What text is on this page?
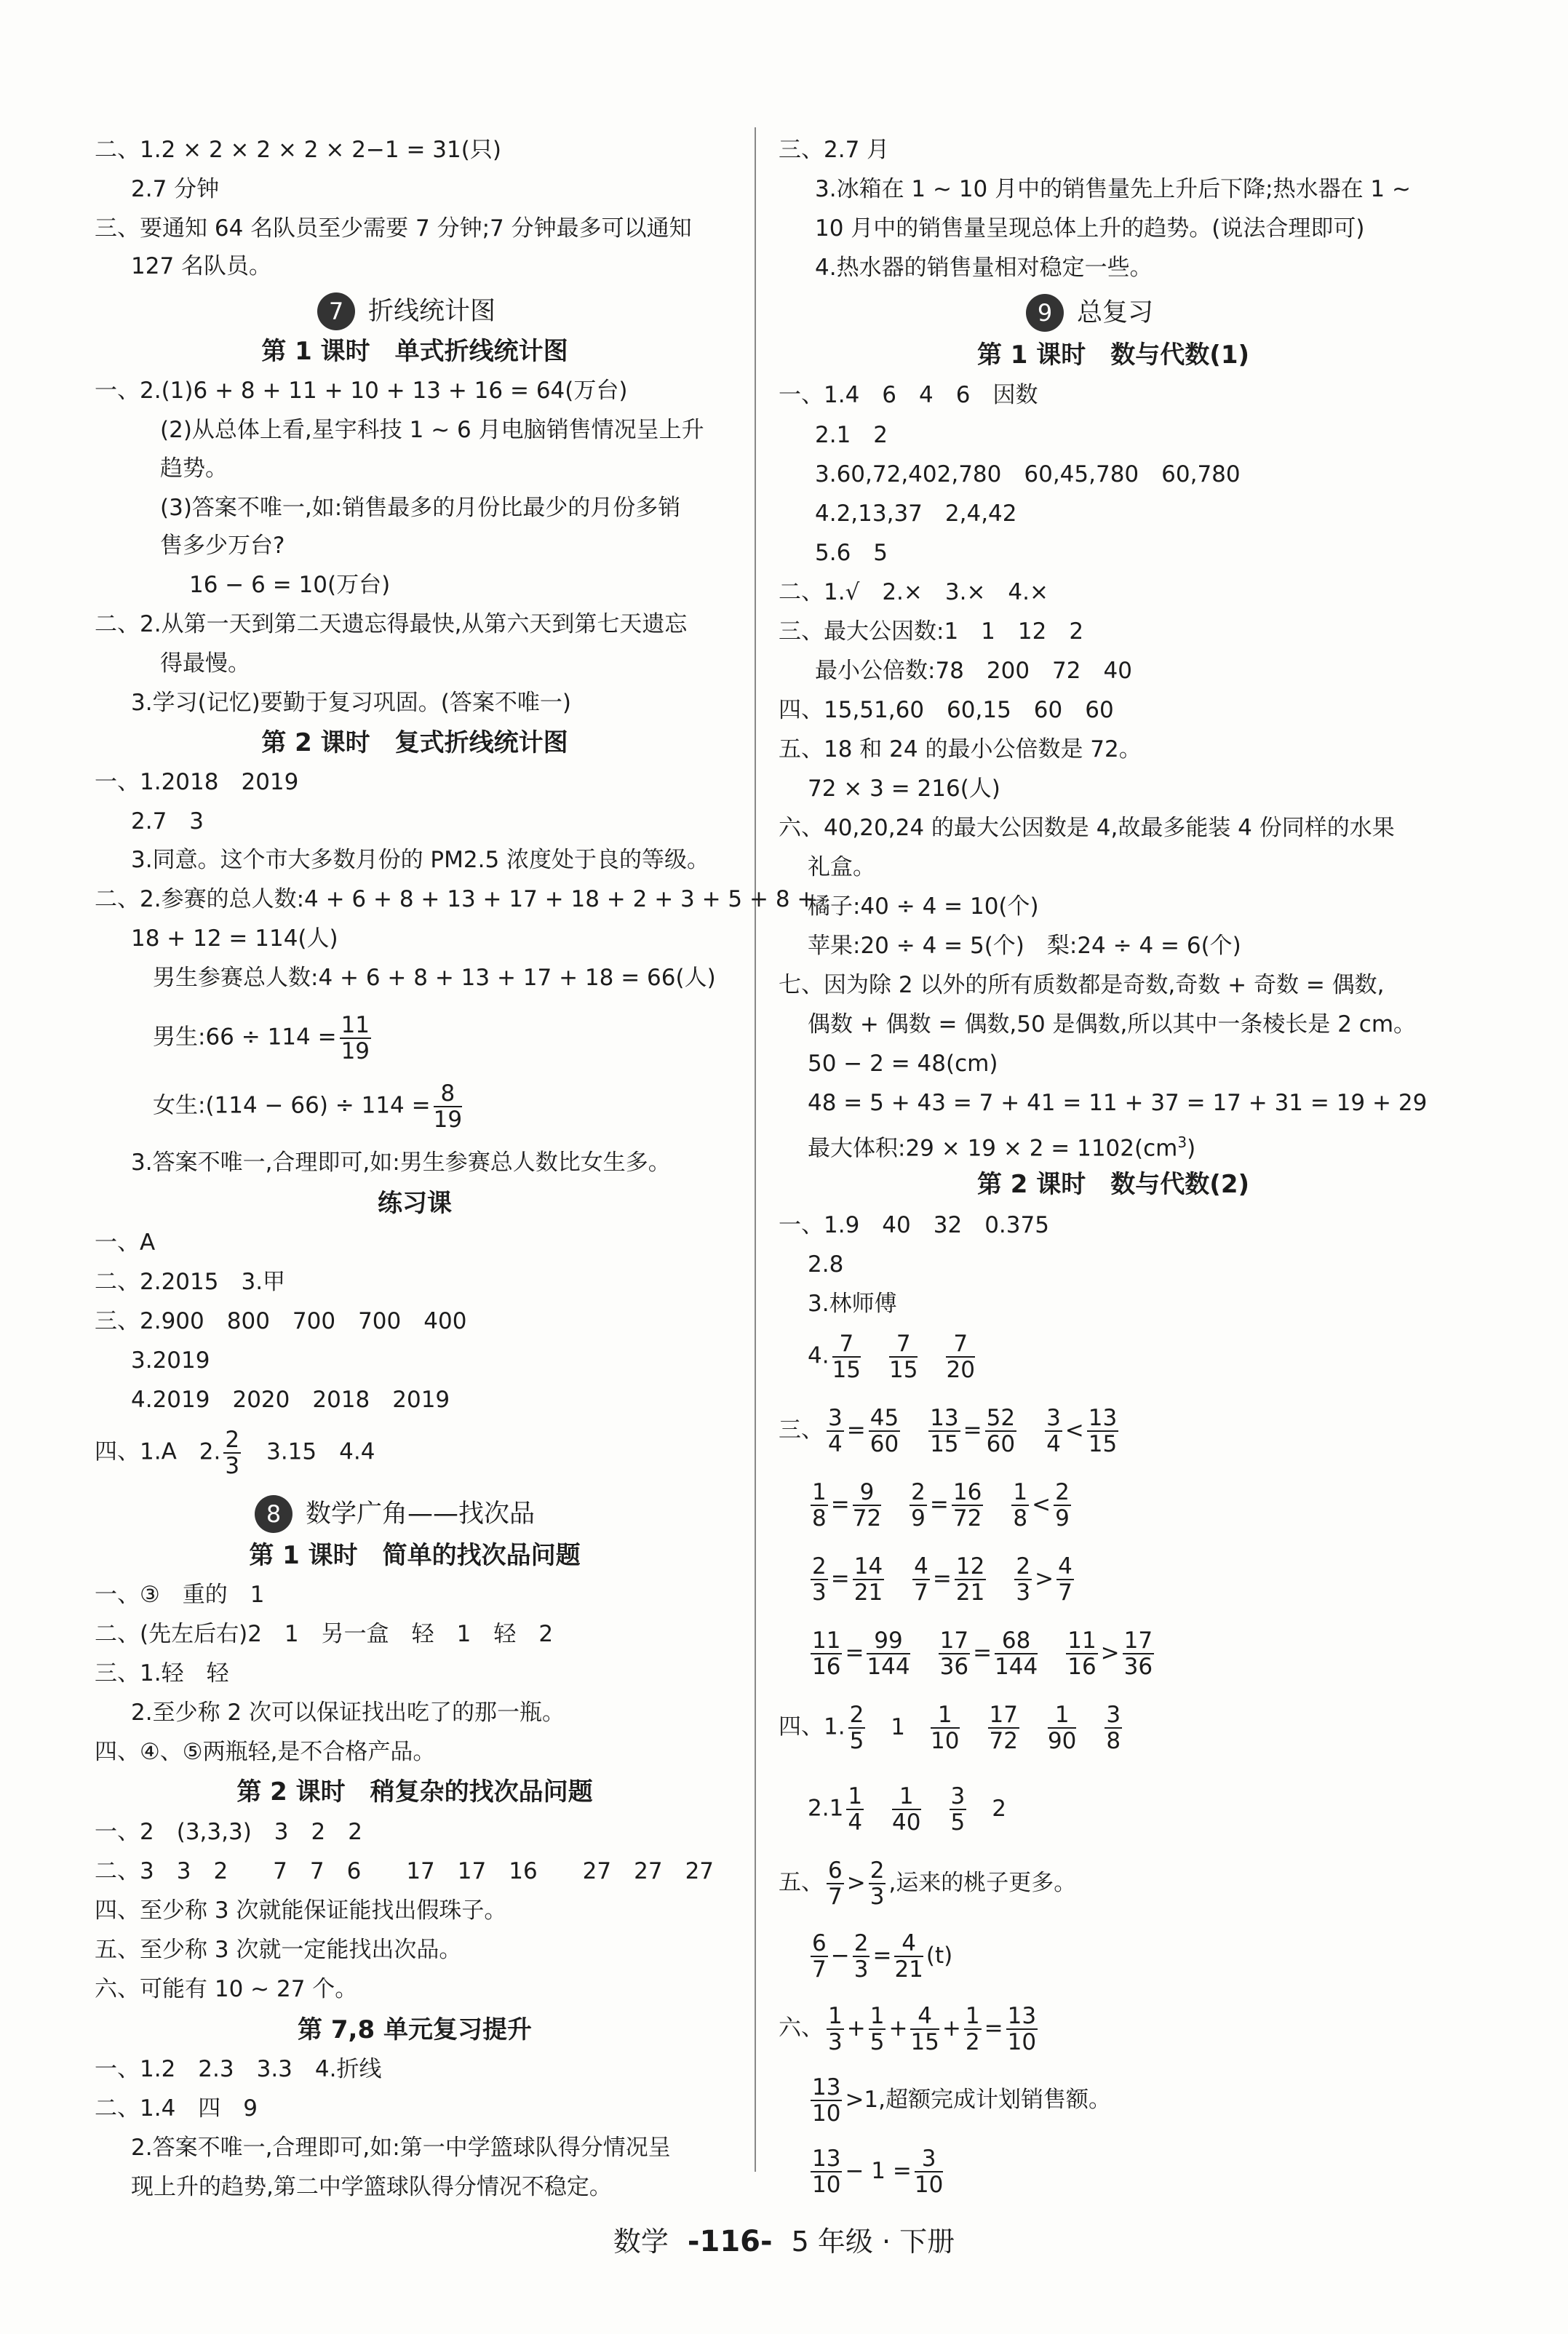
二、1.2 × 2 × 2 × 2 × 2−1 = 31(只)
2.7 分钟
三、要通知 64 名队员至少需要 7 分钟;7 分钟最多可以通知
127 名队员。
7 折线统计图
第 1 课时　单式折线统计图
一、2.(1)6 + 8 + 11 + 10 + 13 + 16 = 64(万台)
(2)从总体上看,星宇科技 1 ~ 6 月电脑销售情况呈上升
趋势。
(3)答案不唯一,如:销售最多的月份比最少的月份多销
售多少万台?
16 − 6 = 10(万台)
二、2.从第一天到第二天遗忘得最快,从第六天到第七天遗忘
得最慢。
3.学习(记忆)要勤于复习巩固。(答案不唯一)
第 2 课时　复式折线统计图
一、1.2018　2019
2.7　3
3.同意。这个市大多数月份的 PM2.5 浓度处于良的等级。
二、2.参赛的总人数:4 + 6 + 8 + 13 + 17 + 18 + 2 + 3 + 5 + 8 +
18 + 12 = 114(人)
男生参赛总人数:4 + 6 + 8 + 13 + 17 + 18 = 66(人)
男生:66 ÷ $114 = \frac{11}{19}$
女生:(114 − $66) \div 114 = \frac{8}{19}$
3.答案不唯一,合理即可,如:男生参赛总人数比女生多。
练习课
一、A
二、2.2015　3.甲
三、2.900　800　700　700　400
3.2019
4.2019　2020　2018　2019
四、1.A　2. $\frac{2}{3}$ 　3.15　4.4
8 数学广角——找次品
第 1 课时　简单的找次品问题
一、③　重的　1
二、(先左后右)2　1　另一盒　轻　1　轻　2
三、1.轻　轻
2.至少称 2 次可以保证找出吃了的那一瓶。
四、④、⑤两瓶轻,是不合格产品。
第 2 课时　稍复杂的找次品问题
一、2　(3,3,3)　3　2　2
二、3　3　2　　7　7　6　　17　17　16　　27　27　27
四、至少称 3 次就能保证能找出假珠子。
五、至少称 3 次就一定能找出次品。
六、可能有 10 ~ 27 个。
第 7,8 单元复习提升
一、1.2　2.3　3.3　4.折线
二、1.4　四　9
2.答案不唯一,合理即可,如:第一中学篮球队得分情况呈
现上升的趋势,第二中学篮球队得分情况不稳定。
三、2.7 月
3.冰箱在 1 ~ 10 月中的销售量先上升后下降;热水器在 1 ~
10 月中的销售量呈现总体上升的趋势。(说法合理即可)
4.热水器的销售量相对稳定一些。
9 总复习
第 1 课时　数与代数(1)
一、1.4　6　4　6　因数
2.1　2
3.60,72,402,780　60,45,780　60,780
4.2,13,37　2,4,42
5.6　5
二、1.√　2.×　3.×　4.×
三、最大公因数:1　1　12　2
最小公倍数:78　200　72　40
四、15,51,60　60,15　60　60
五、18 和 24 的最小公倍数是 72。
72 × 3 = 216(人)
六、40,20,24 的最大公因数是 4,故最多能装 4 份同样的水果
礼盒。
橘子:40 ÷ 4 = 10(个)
苹果:20 ÷ 4 = 5(个)　梨:24 ÷ 4 = 6(个)
七、因为除 2 以外的所有质数都是奇数,奇数 + 奇数 = 偶数,
偶数 + 偶数 = 偶数,50 是偶数,所以其中一条棱长是 2 cm。
50 − 2 = 48(cm)
48 = 5 + 43 = 7 + 41 = 11 + 37 = 17 + 31 = 19 + 29
最大体积:29 × $19 \times 2 = 1102(cm^3)$
第 2 课时　数与代数(2)
一、1.9　40　32　0.375
2.8
3.林师傅
4. $\frac{7}{15}$
　 $\frac{7}{15}$
　 $\frac{7}{20}$
三、 $\frac{3}{4} = \frac{45}{60}$
　 $\frac{13}{15} = \frac{52}{60}$
　 $\frac{3}{4} < \frac{13}{15}$
$\frac{1}{8} = \frac{9}{72}$
　 $\frac{2}{9} = \frac{16}{72}$
　 $\frac{1}{8} < \frac{2}{9}$
$\frac{2}{3} = \frac{14}{21}$
　 $\frac{4}{7} = \frac{12}{21}$
　 $\frac{2}{3} > \frac{4}{7}$
$\frac{11}{16} = \frac{99}{144}$
　 $\frac{17}{36} = \frac{68}{144}$
　 $\frac{11}{16} > \frac{17}{36}$
四、1. $\frac{2}{5}$ 　1　 $\frac{1}{10}$
　 $\frac{17}{72}$
　 $\frac{1}{90}$
　 $\frac{3}{8}$
$2.1 \frac{1}{4}$
　 $\frac{1}{40}$
　 $\frac{3}{5}$ 　2
五、 $\frac{6}{7} > \frac{2}{3}$ ,运来的桃子更多。
$\frac{6}{7} - \frac{2}{3} = \frac{4}{21} (t)$
六、 $\frac{1}{3} + \frac{1}{5} + \frac{4}{15} + \frac{1}{2} = \frac{13}{10}$
$\frac{13}{10} >1$,超额完成计划销售额。
$\frac{13}{10} - 1 = \frac{3}{10}$
数学 -116- 5 年级 · 下册
